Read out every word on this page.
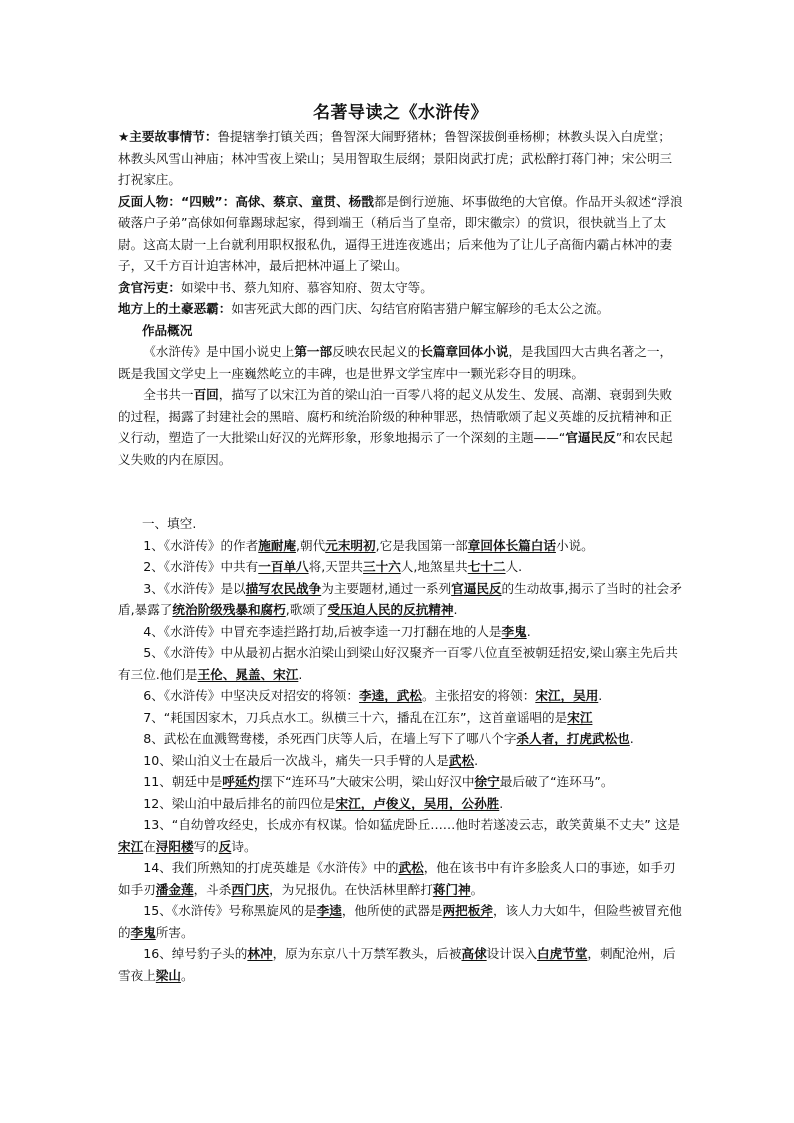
名著导读之《水浒传》

★主要故事情节：鲁提辖拳打镇关西；鲁智深大闹野猪林；鲁智深拔倒垂杨柳；林教头误入白虎堂；林教头风雪山神庙；林冲雪夜上梁山；吴用智取生辰纲；景阳岗武打虎；武松醉打蒋门神；宋公明三打祝家庄。

反面人物：“四贼”：高俅、蔡京、童贯、杨戬都是倒行逆施、坏事做绝的大官僚。作品开头叙述“浮浪破落户子弟”高俅如何靠踢球起家，得到端王（稍后当了皇帝，即宋徽宗）的赏识，很快就当上了太尉。这高太尉一上台就利用职权报私仇，逼得王进连夜逃出；后来他为了让儿子高衙内霸占林冲的妻子，又千方百计迫害林冲，最后把林冲逼上了梁山。

贪官污吏：如梁中书、蔡九知府、慕容知府、贺太守等。

地方上的土豪恶霸：如害死武大郎的西门庆、勾结官府陷害猎户解宝解珍的毛太公之流。

作品概况

《水浒传》是中国小说史上第一部反映农民起义的长篇章回体小说，是我国四大古典名著之一，既是我国文学史上一座巍然屹立的丰碑，也是世界文学宝库中一颗光彩夺目的明珠。

全书共一百回，描写了以宋江为首的梁山泊一百零八将的起义从发生、发展、高潮、衰弱到失败的过程，揭露了封建社会的黑暗、腐朽和统治阶级的种种罪恶，热情歌颂了起义英雄的反抗精神和正义行动，塑造了一大批梁山好汉的光辉形象，形象地揭示了一个深刻的主题——“官逼民反”和农民起义失败的内在原因。

一、填空.

1、《水浒传》的作者施耐庵,朝代元末明初,它是我国第一部章回体长篇白话小说。

2、《水浒传》中共有一百单八将,天罡共三十六人,地煞星共七十二人.

3、《水浒传》是以描写农民战争为主要题材,通过一系列官逼民反的生动故事,揭示了当时的社会矛盾,暴露了统治阶级残暴和腐朽,歌颂了受压迫人民的反抗精神.

4、《水浒传》中冒充李逵拦路打劫,后被李逵一刀打翻在地的人是李鬼.

5、《水浒传》中从最初占据水泊梁山到梁山好汉聚齐一百零八位直至被朝廷招安,梁山寨主先后共有三位.他们是王伦、晁盖、宋江.

6、《水浒传》中坚决反对招安的将领：李逵，武松。主张招安的将领：宋江，吴用.

7、“耗国因家木，刀兵点水工。纵横三十六，播乱在江东”，这首童谣唱的是宋江

8、武松在血溅鸳鸯楼，杀死西门庆等人后，在墙上写下了哪八个字杀人者，打虎武松也.

10、梁山泊义士在最后一次战斗，痛失一只手臂的人是武松.

11、朝廷中是呼延灼摆下“连环马”大破宋公明，梁山好汉中徐宁最后破了“连环马”。

12、梁山泊中最后排名的前四位是宋江，卢俊义，吴用，公孙胜.

13、“自幼曾攻经史，长成亦有权谋。恰如猛虎卧丘……他时若遂凌云志，敢笑黄巢不丈夫” 这是宋江在浔阳楼写的反诗。

14、我们所熟知的打虎英雄是《水浒传》中的武松，他在该书中有许多脍炙人口的事迹，如手刃如手刃潘金莲，斗杀西门庆，为兄报仇。在快活林里醉打蒋门神。

15、《水浒传》号称黑旋风的是李逵，他所使的武器是两把板斧，该人力大如牛，但险些被冒充他的李鬼所害。

16、绰号豹子头的林冲，原为东京八十万禁军教头，后被高俅设计误入白虎节堂，刺配沧州，后雪夜上梁山。
